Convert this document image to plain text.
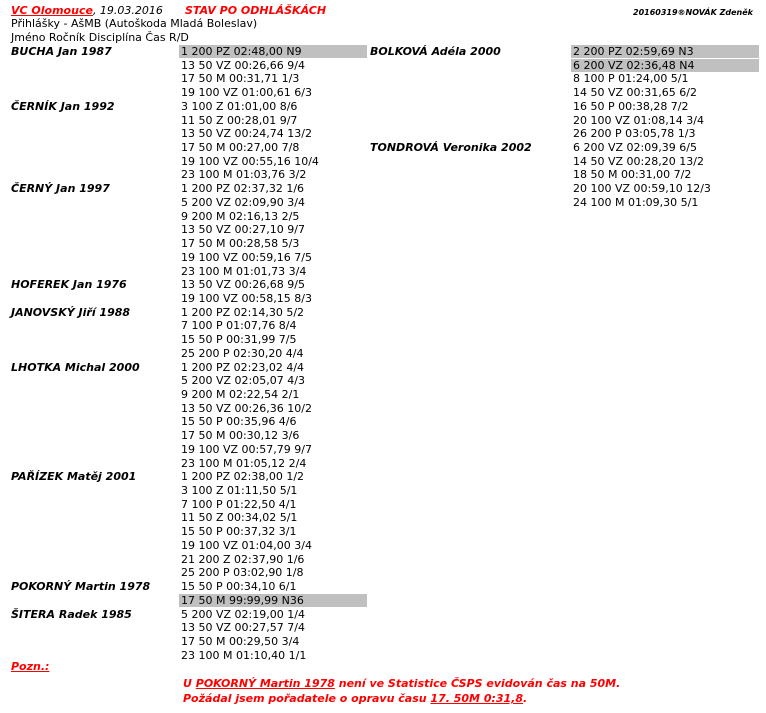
VC Olomouce, 19.03.2016 STAV PO ODHLÁŠKÁCH	20160319®NOVÁK Zdeněk
Přihlášky - AšMB (Autoškoda Mladá Boleslav)
Jméno Ročník Disciplína Čas R/D
BUCHA Jan 1987	1 200 PZ 02:48,00 N9
13 50 VZ 00:26,66 9/4
17 50 M 00:31,71 1/3
19 100 VZ 01:00,61 6/3
ČERNÍK Jan 1992	3 100 Z 01:01,00 8/6
11 50 Z 00:28,01 9/7
13 50 VZ 00:24,74 13/2
17 50 M 00:27,00 7/8
19 100 VZ 00:55,16 10/4
23 100 M 01:03,76 3/2
ČERNÝ Jan 1997	1 200 PZ 02:37,32 1/6
5 200 VZ 02:09,90 3/4
9 200 M 02:16,13 2/5
13 50 VZ 00:27,10 9/7
17 50 M 00:28,58 5/3
19 100 VZ 00:59,16 7/5
23 100 M 01:01,73 3/4
HOFEREK Jan 1976	13 50 VZ 00:26,68 9/5
19 100 VZ 00:58,15 8/3
JANOVSKÝ Jiří 1988	1 200 PZ 02:14,30 5/2
7 100 P 01:07,76 8/4
15 50 P 00:31,99 7/5
25 200 P 02:30,20 4/4
LHOTKA Michal 2000	1 200 PZ 02:23,02 4/4
5 200 VZ 02:05,07 4/3
9 200 M 02:22,54 2/1
13 50 VZ 00:26,36 10/2
15 50 P 00:35,96 4/6
17 50 M 00:30,12 3/6
19 100 VZ 00:57,79 9/7
23 100 M 01:05,12 2/4
PAŘÍZEK Matěj 2001	1 200 PZ 02:38,00 1/2
3 100 Z 01:11,50 5/1
7 100 P 01:22,50 4/1
11 50 Z 00:34,02 5/1
15 50 P 00:37,32 3/1
19 100 VZ 01:04,00 3/4
21 200 Z 02:37,90 1/6
25 200 P 03:02,90 1/8
POKORNÝ Martin 1978	15 50 P 00:34,10 6/1
17 50 M 99:99,99 N36
ŠITERA Radek 1985	5 200 VZ 02:19,00 1/4
13 50 VZ 00:27,57 7/4
17 50 M 00:29,50 3/4
23 100 M 01:10,40 1/1
BOLKOVÁ Adéla 2000	2 200 PZ 02:59,69 N3
6 200 VZ 02:36,48 N4
8 100 P 01:24,00 5/1
14 50 VZ 00:31,65 6/2
16 50 P 00:38,28 7/2
20 100 VZ 01:08,14 3/4
26 200 P 03:05,78 1/3
TONDROVÁ Veronika 2002	6 200 VZ 02:09,39 6/5
14 50 VZ 00:28,20 13/2
18 50 M 00:31,00 7/2
20 100 VZ 00:59,10 12/3
24 100 M 01:09,30 5/1
Pozn.:
U POKORNÝ Martin 1978 není ve Statistice ČSPS evidován čas na 50M.
Požádal jsem pořadatele o opravu času 17. 50M 0:31,8.
